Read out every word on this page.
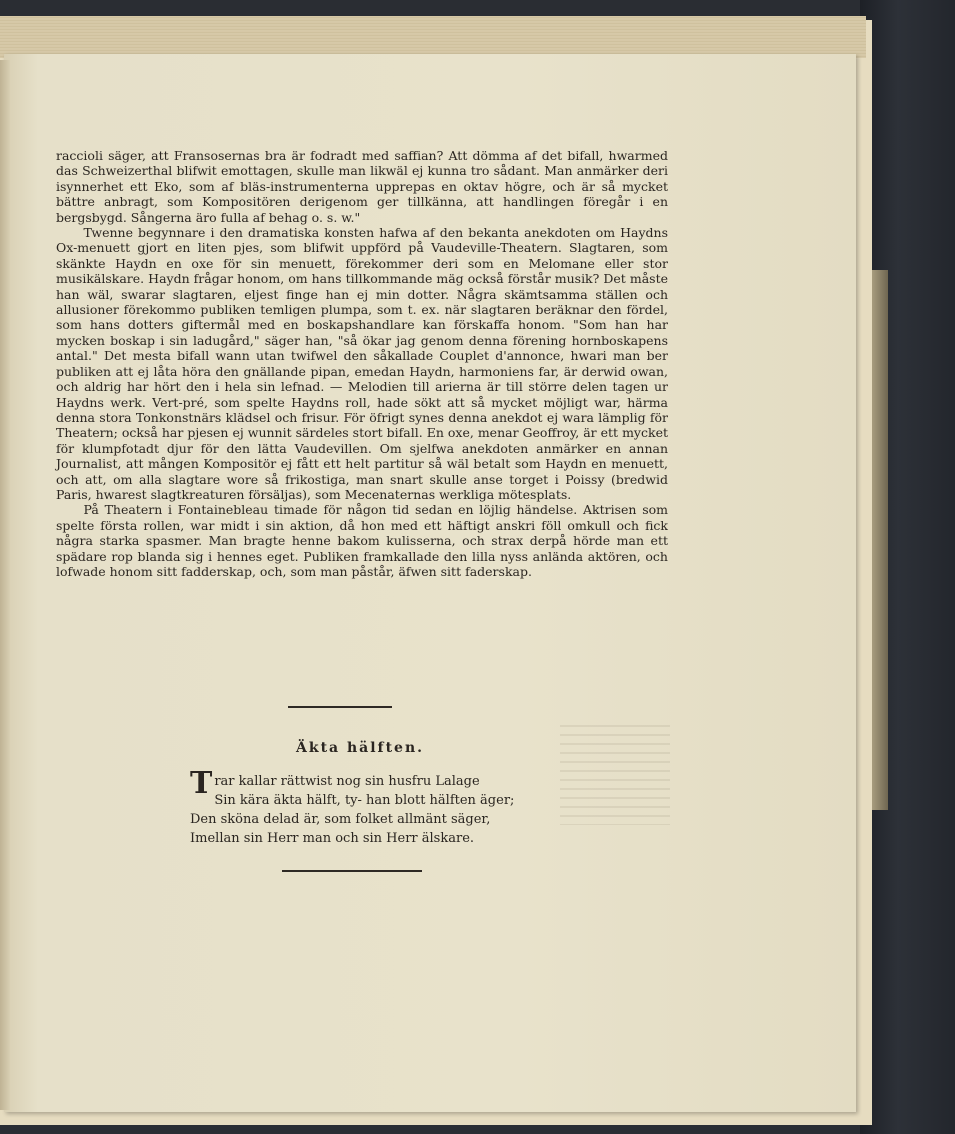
raccioli säger, att Fransosernas bra är fodradt med saffian? Att dömma af det bifall, hwarmed das Schweizerthal blifwit emottagen, skulle man likwäl ej kunna tro sådant. Man anmärker deri isynnerhet ett Eko, som af bläs-instrumenterna upprepas en oktav högre, och är så mycket bättre anbragt, som Kompositören derigenom ger tillkänna, att handlingen föregår i en bergsbygd. Sångerna äro fulla af behag o. s. w."

Twenne begynnare i den dramatiska konsten hafwa af den bekanta anekdoten om Haydns Ox-menuett gjort en liten pjes, som blifwit uppförd på Vaudeville-Theatern. Slagtaren, som skänkte Haydn en oxe för sin menuett, förekommer deri som en Melomane eller stor musikälskare. Haydn frågar honom, om hans tillkommande mäg också förstår musik? Det måste han wäl, swarar slagtaren, eljest finge han ej min dotter. Några skämtsamma ställen och allusioner förekommo publiken temligen plumpa, som t. ex. när slagtaren beräknar den fördel, som hans dotters giftermål med en boskapshandlare kan förskaffa honom. "Som han har mycken boskap i sin ladugård," säger han, "så ökar jag genom denna förening hornboskapens antal." Det mesta bifall wann utan twifwel den såkallade Couplet d'annonce, hwari man ber publiken att ej låta höra den gnällande pipan, emedan Haydn, harmoniens far, är derwid owan, och aldrig har hört den i hela sin lefnad. — Melodien till arierna är till större delen tagen ur Haydns werk. Vert-pré, som spelte Haydns roll, hade sökt att så mycket möjligt war, härma denna stora Tonkonstnärs klädsel och frisur. För öfrigt synes denna anekdot ej wara lämplig för Theatern; också har pjesen ej wunnit särdeles stort bifall. En oxe, menar Geoffroy, är ett mycket för klumpfotadt djur för den lätta Vaudevillen. Om sjelfwa anekdoten anmärker en annan Journalist, att mången Kompositör ej fått ett helt partitur så wäl betalt som Haydn en menuett, och att, om alla slagtare wore så frikostiga, man snart skulle anse torget i Poissy (bredwid Paris, hwarest slagtkreaturen försäljas), som Mecenaternas werkliga mötesplats.

På Theatern i Fontainebleau timade för någon tid sedan en löjlig händelse. Aktrisen som spelte första rollen, war midt i sin aktion, då hon med ett häftigt anskri föll omkull och fick några starka spasmer. Man bragte henne bakom kulisserna, och strax derpå hörde man ett spädare rop blanda sig i hennes eget. Publiken framkallade den lilla nyss anlända aktören, och lofwade honom sitt fadderskap, och, som man påstår, äfwen sitt faderskap.

Äkta hälften.
Trar kallar rättwist nog sin husfru Lalage
Sin kära äkta hälft, ty- han blott hälften äger;
Den sköna delad är, som folket allmänt säger,
Imellan sin Herr man och sin Herr älskare.
